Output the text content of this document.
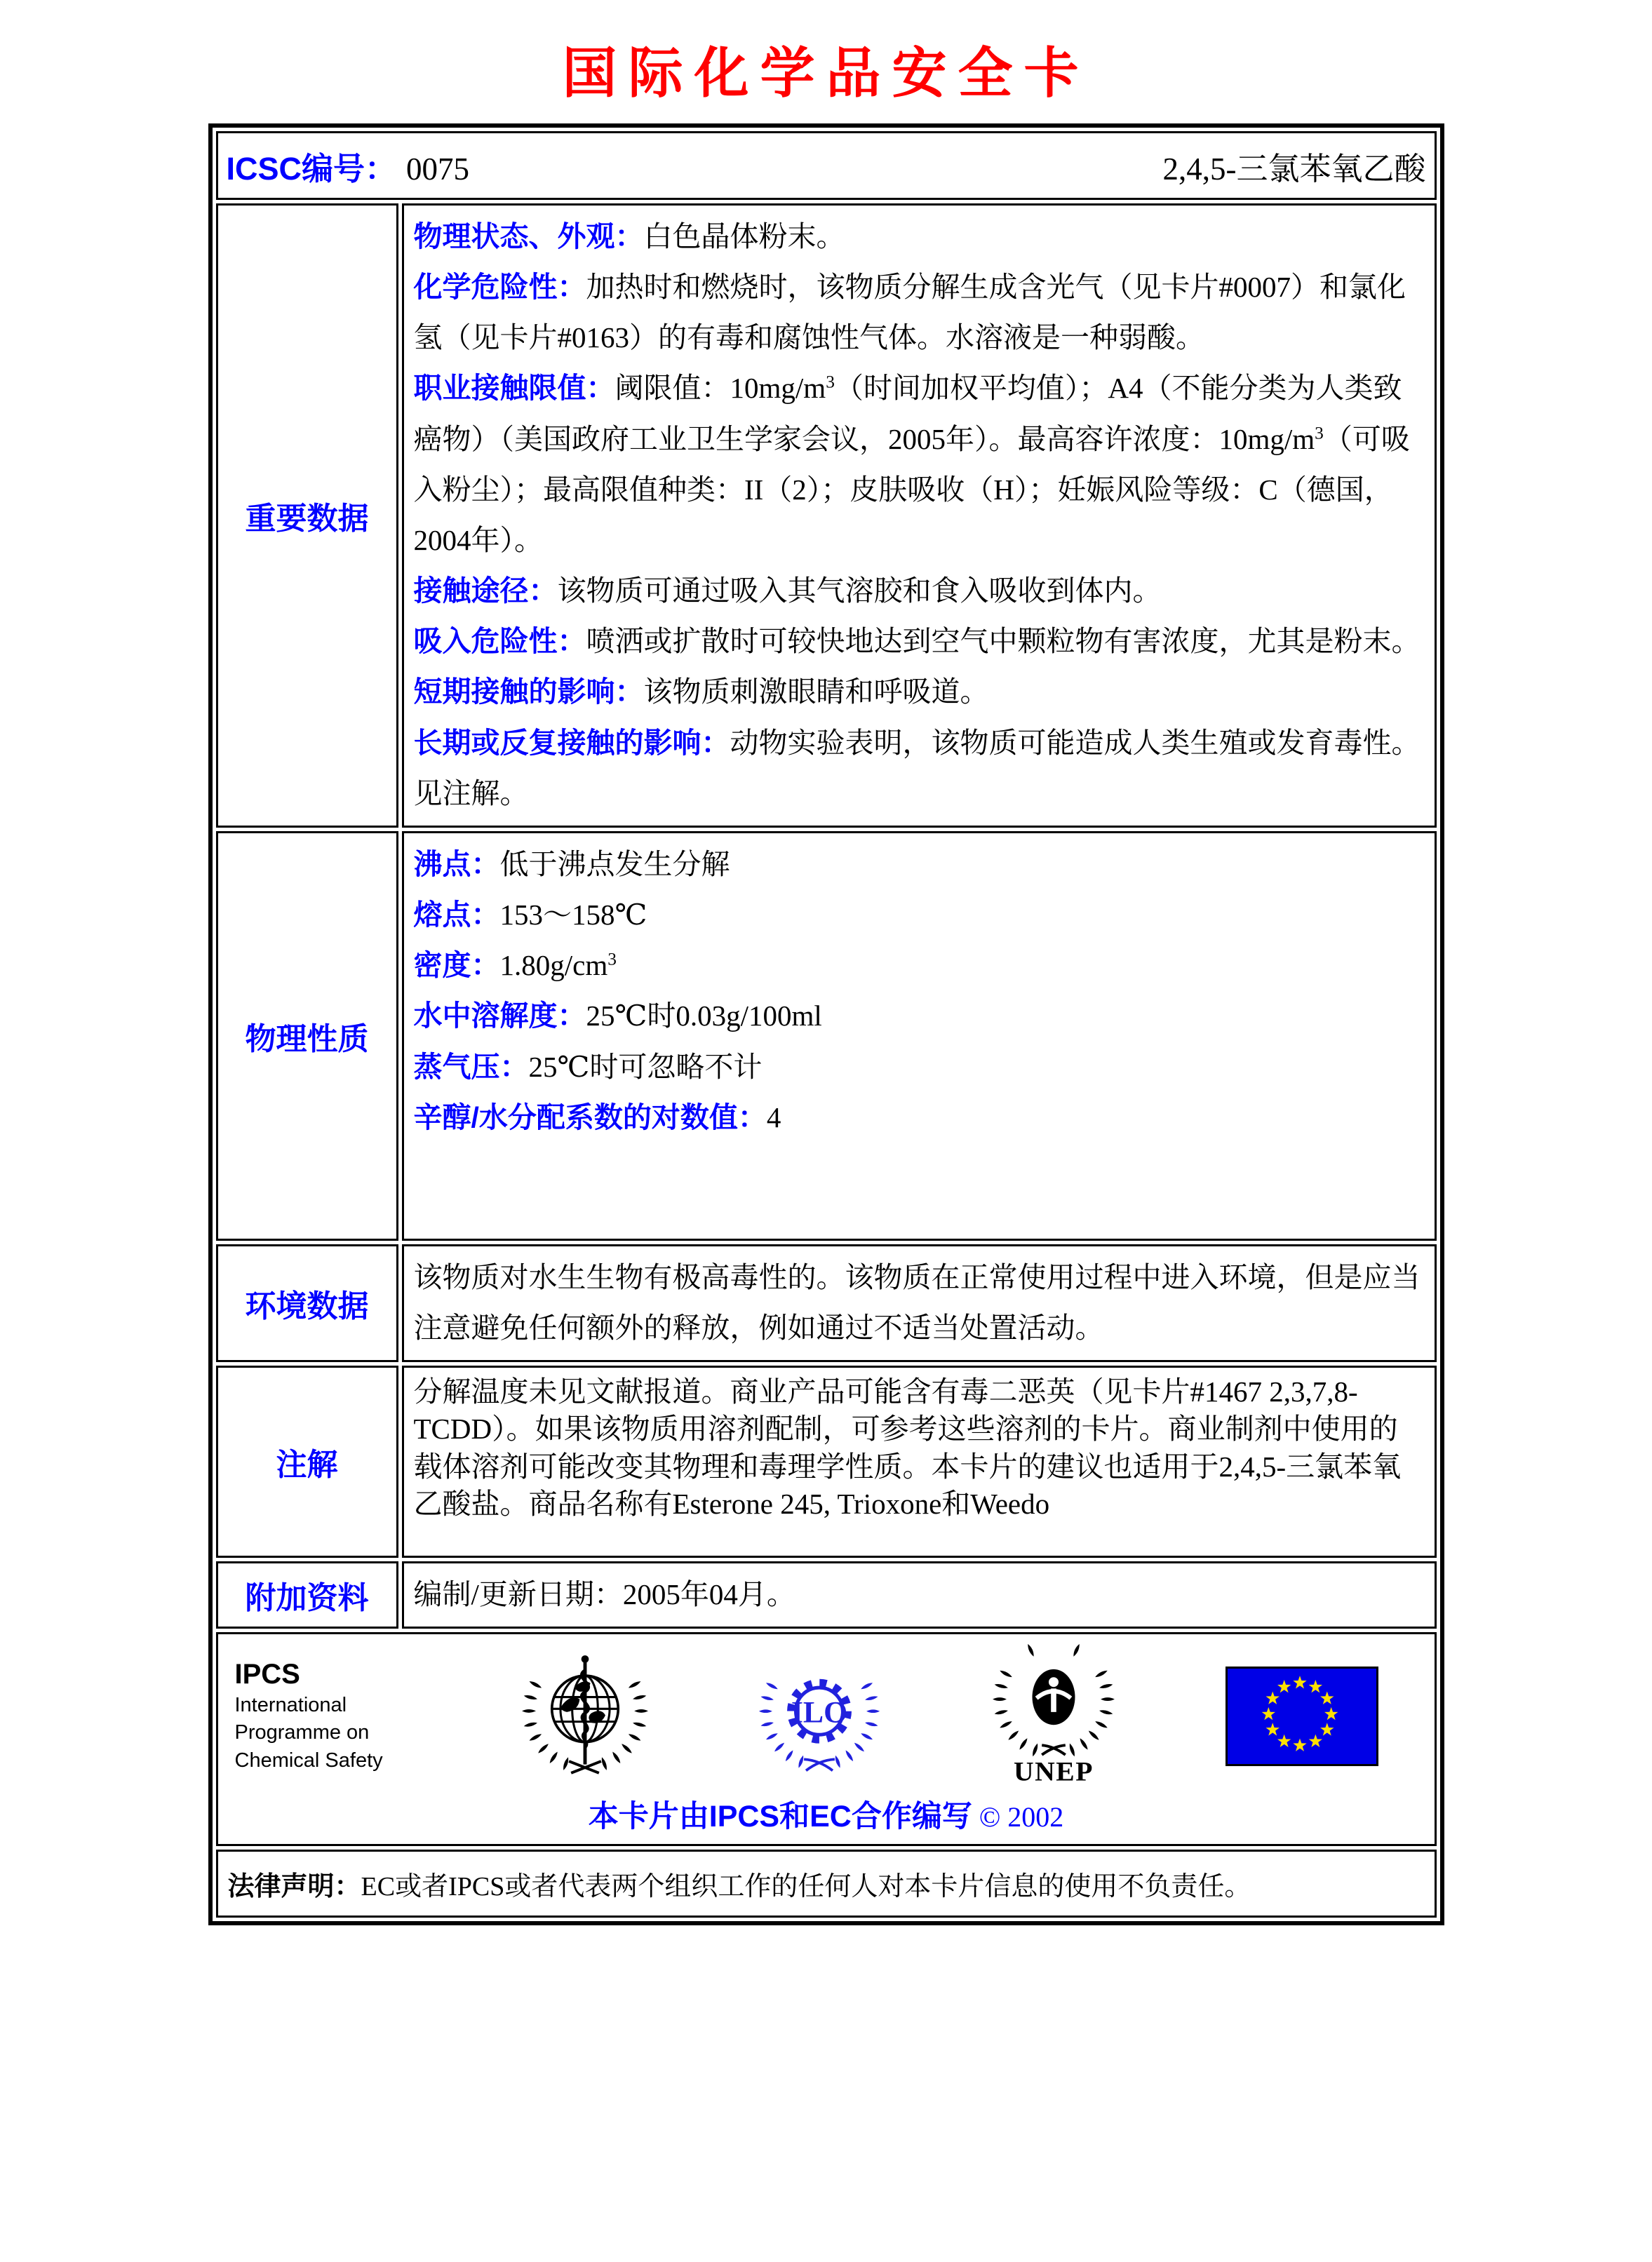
国际化学品安全卡
ICSC编号： 0075 2,4,5-三氯苯氧乙酸	

重要数据	
物理状态、外观：白色晶体粉末。
化学危险性：加热时和燃烧时，该物质分解生成含光气（见卡片#0007）和氯化氢（见卡片#0163）的有毒和腐蚀性气体。水溶液是一种弱酸。
职业接触限值：阈限值：$10mg/m^3$（时间加权平均值）；A4（不能分类为人类致癌物）（美国政府工业卫生学家会议，2005年）。最高容许浓度：$10mg/m^3$（可吸入粉尘）；最高限值种类：II（2）；皮肤吸收（H）；妊娠风险等级：C（德国，2004年）。
接触途径：该物质可通过吸入其气溶胶和食入吸收到体内。
吸入危险性：喷洒或扩散时可较快地达到空气中颗粒物有害浓度，尤其是粉末。
短期接触的影响：该物质刺激眼睛和呼吸道。
长期或反复接触的影响：动物实验表明，该物质可能造成人类生殖或发育毒性。见注解。

物理性质	
沸点：低于沸点发生分解
熔点：153～158℃
密度：$1.80g/cm^3$
水中溶解度：25℃时0.03g/100ml
蒸气压：25℃时可忽略不计
辛醇/水分配系数的对数值：4

环境数据	该物质对水生生物有极高毒性的。该物质在正常使用过程中进入环境，但是应当注意避免任何额外的释放，例如通过不适当处置活动。

注解	分解温度未见文献报道。商业产品可能含有毒二恶英（见卡片#1467 2,3,7,8-TCDD）。如果该物质用溶剂配制，可参考这些溶剂的卡片。商业制剂中使用的载体溶剂可能改变其物理和毒理学性质。本卡片的建议也适用于2,4,5-三氯苯氧乙酸盐。商品名称有Esterone 245, Trioxone和Weedo

附加资料	编制/更新日期：2005年04月。

IPCS
International
Programme on
Chemical Safety
ILO
UNEP
本卡片由IPCS和EC合作编写 © 2002

法律声明：EC或者IPCS或者代表两个组织工作的任何人对本卡片信息的使用不负责任。	
